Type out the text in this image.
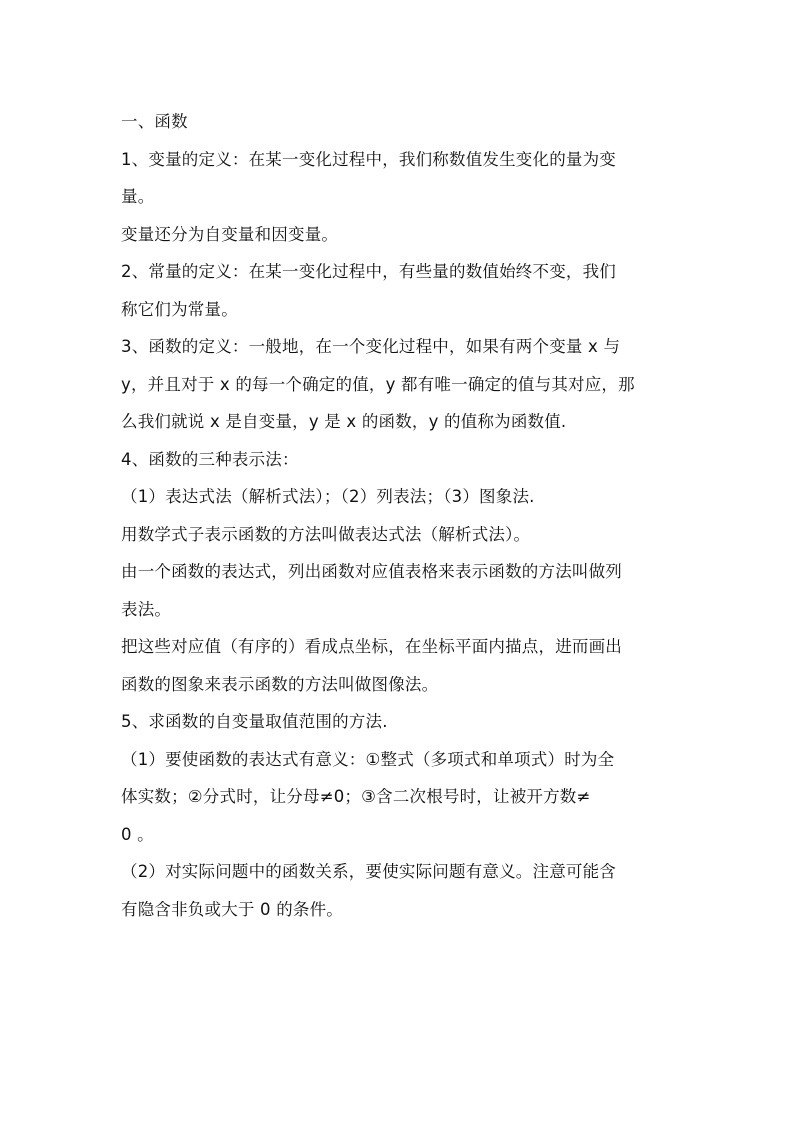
一、函数

1、变量的定义：在某一变化过程中，我们称数值发生变化的量为变

量。

变量还分为自变量和因变量。

2、常量的定义：在某一变化过程中，有些量的数值始终不变，我们

称它们为常量。

3、函数的定义：一般地，在一个变化过程中，如果有两个变量 x 与

y，并且对于 x 的每一个确定的值，y 都有唯一确定的值与其对应，那

么我们就说 x 是自变量，y 是 x 的函数，y 的值称为函数值.

4、函数的三种表示法：

（1）表达式法（解析式法）；（2）列表法；（3）图象法.

用数学式子表示函数的方法叫做表达式法（解析式法）。

由一个函数的表达式，列出函数对应值表格来表示函数的方法叫做列

表法。

把这些对应值（有序的）看成点坐标，在坐标平面内描点，进而画出

函数的图象来表示函数的方法叫做图像法。

5、求函数的自变量取值范围的方法.

（1）要使函数的表达式有意义：①整式（多项式和单项式）时为全

体实数；②分式时，让分母≠0；③含二次根号时，让被开方数≠

0 。

（2）对实际问题中的函数关系，要使实际问题有意义。注意可能含

有隐含非负或大于 0 的条件。
